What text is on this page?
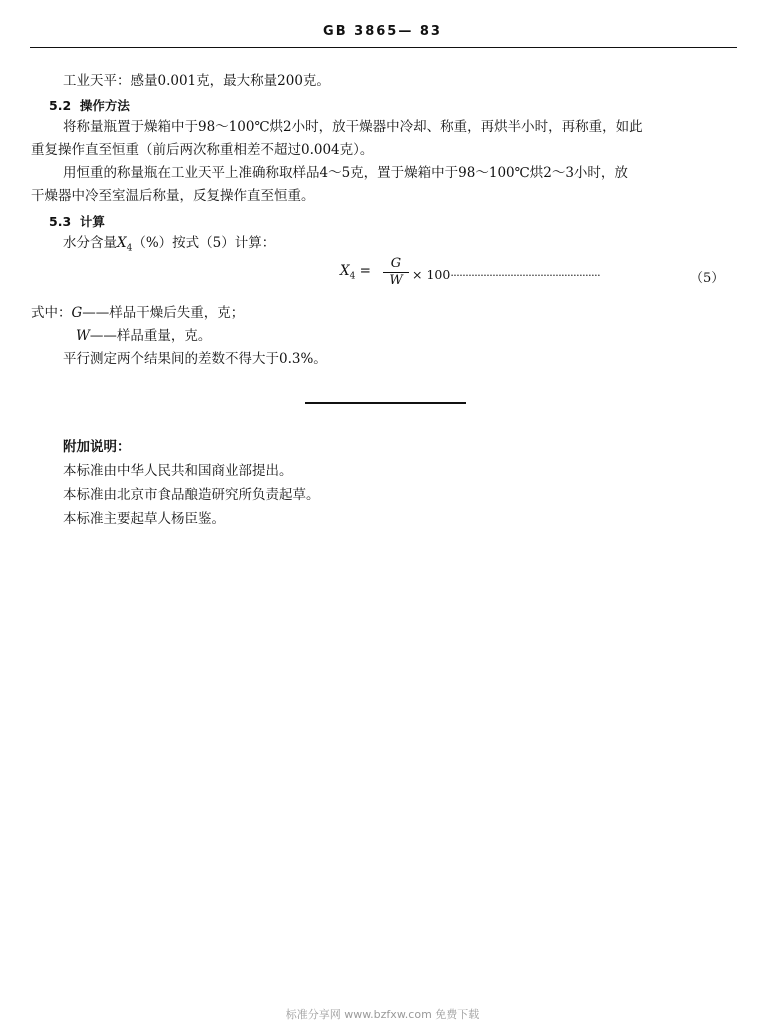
GB 3865— 83
工业天平：感量0.001克，最大称量200克。
5.2 操作方法
将称量瓶置于燥箱中于98～100℃烘2小时，放干燥器中冷却、称重，再烘半小时，再称重，如此
重复操作直至恒重（前后两次称重相差不超过0.004克）。
用恒重的称量瓶在工业天平上准确称取样品4～5克，置于燥箱中于98～100℃烘2～3小时，放
干燥器中冷至室温后称量，反复操作直至恒重。
5.3 计算
水分含量$X_4(\%)$按式（5）计算：
$X_4$ =	G
W × 100··················································	（5）
式中：G——样品干燥后失重，克；
W——样品重量，克。
平行测定两个结果间的差数不得大于0.3%。
附加说明：
本标准由中华人民共和国商业部提出。
本标准由北京市食品酿造研究所负责起草。
本标准主要起草人杨臣鉴。
标准分享网 www.bzfxw.com 免费下载
